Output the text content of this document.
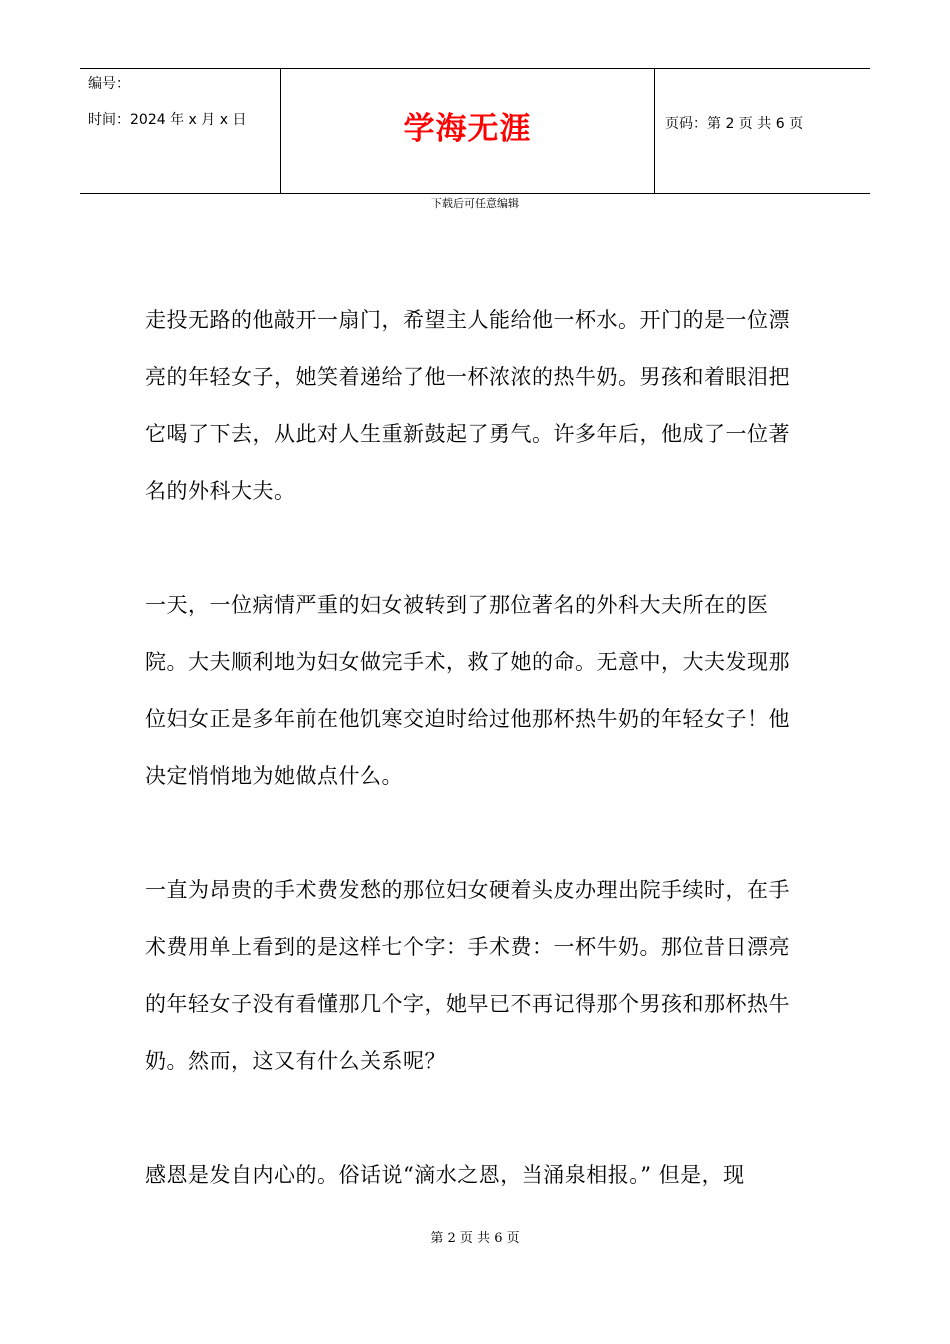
编号：
时间：2024 年 x 月 x 日	学海无涯	页码：第 2 页 共 6 页
下载后可任意编辑

走投无路的他敲开一扇门，希望主人能给他一杯水。开门的是一位漂亮的年轻女子，她笑着递给了他一杯浓浓的热牛奶。男孩和着眼泪把它喝了下去，从此对人生重新鼓起了勇气。许多年后，他成了一位著名的外科大夫。

一天，一位病情严重的妇女被转到了那位著名的外科大夫所在的医院。大夫顺利地为妇女做完手术，救了她的命。无意中，大夫发现那位妇女正是多年前在他饥寒交迫时给过他那杯热牛奶的年轻女子！他决定悄悄地为她做点什么。

一直为昂贵的手术费发愁的那位妇女硬着头皮办理出院手续时，在手术费用单上看到的是这样七个字：手术费：一杯牛奶。那位昔日漂亮的年轻女子没有看懂那几个字，她早已不再记得那个男孩和那杯热牛奶。然而，这又有什么关系呢？

感恩是发自内心的。俗话说“滴水之恩，当涌泉相报。” 但是，现

第 2 页 共 6 页
